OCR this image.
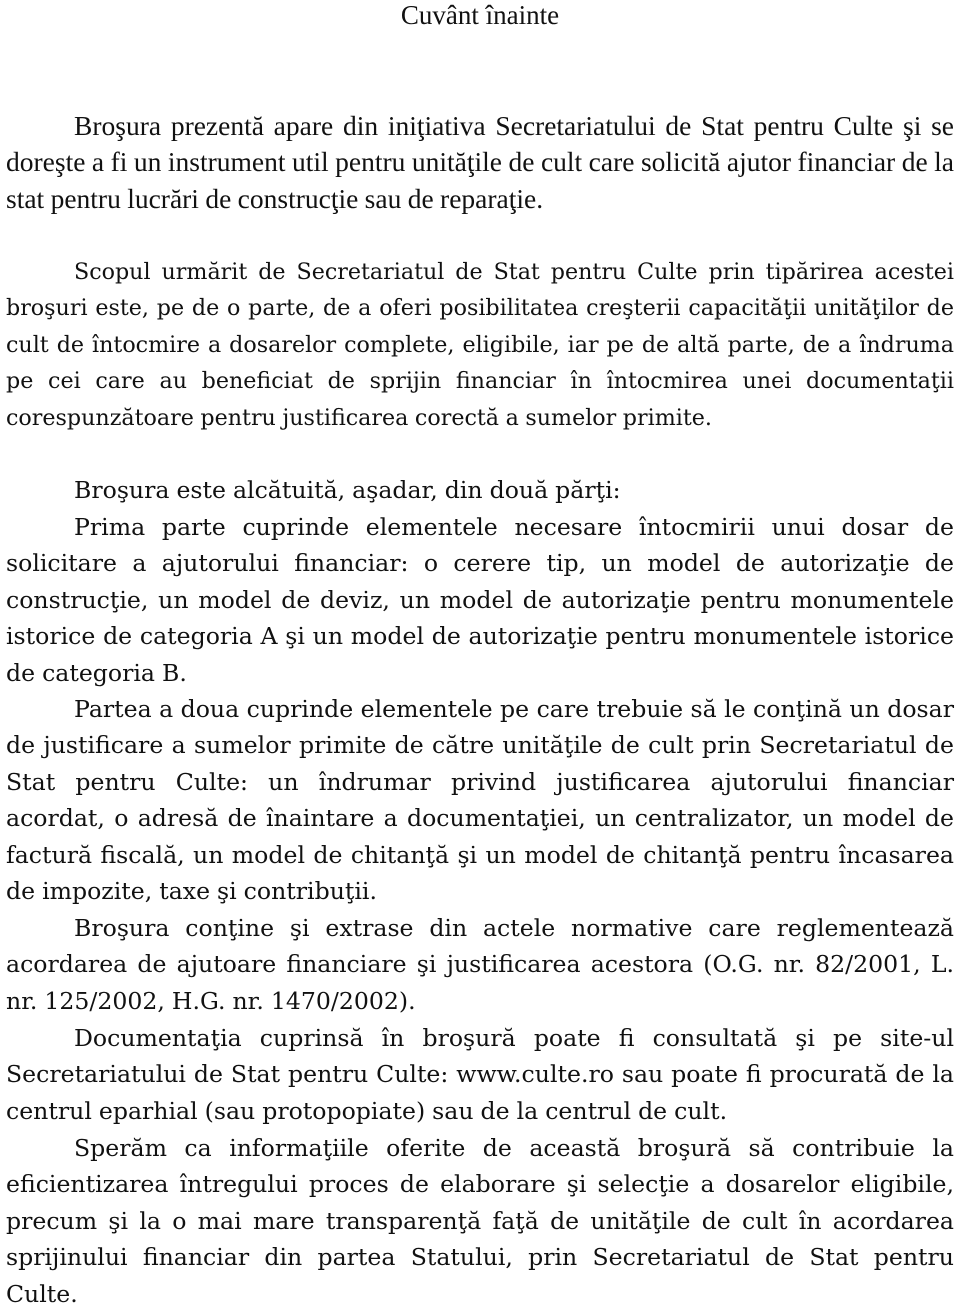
Cuvânt înainte

Broşura prezentă apare din iniţiativa Secretariatului de Stat pentru Culte şi se doreşte a fi un instrument util pentru unităţile de cult care solicită ajutor financiar de la stat pentru lucrări de construcţie sau de reparaţie.

Scopul urmărit de Secretariatul de Stat pentru Culte prin tipărirea acestei broşuri este, pe de o parte, de a oferi posibilitatea creşterii capacităţii unităţilor de cult de întocmire a dosarelor complete, eligibile, iar pe de altă parte, de a îndruma pe cei care au beneficiat de sprijin financiar în întocmirea unei documentaţii corespunzătoare pentru justificarea corectă a sumelor primite.

Broşura este alcătuită, aşadar, din două părţi:

Prima parte cuprinde elementele necesare întocmirii unui dosar de solicitare a ajutorului financiar: o cerere tip, un model de autorizaţie de construcţie, un model de deviz, un model de autorizaţie pentru monumentele istorice de categoria A şi un model de autorizaţie pentru monumentele istorice de categoria B.

Partea a doua cuprinde elementele pe care trebuie să le conţină un dosar de justificare a sumelor primite de către unităţile de cult prin Secretariatul de Stat pentru Culte: un îndrumar privind justificarea ajutorului financiar acordat, o adresă de înaintare a documentaţiei, un centralizator, un model de factură fiscală, un model de chitanţă şi un model de chitanţă pentru încasarea de impozite, taxe şi contribuţii.

Broşura conţine şi extrase din actele normative care reglementează acordarea de ajutoare financiare şi justificarea acestora (O.G. nr. 82/2001, L. nr. 125/2002, H.G. nr. 1470/2002).

Documentaţia cuprinsă în broşură poate fi consultată şi pe site-ul Secretariatului de Stat pentru Culte: www.culte.ro sau poate fi procurată de la centrul eparhial (sau protopopiate) sau de la centrul de cult.

Sperăm ca informaţiile oferite de această broşură să contribuie la eficientizarea întregului proces de elaborare şi selecţie a dosarelor eligibile, precum şi la o mai mare transparenţă faţă de unităţile de cult în acordarea sprijinului financiar din partea Statului, prin Secretariatul de Stat pentru Culte.
